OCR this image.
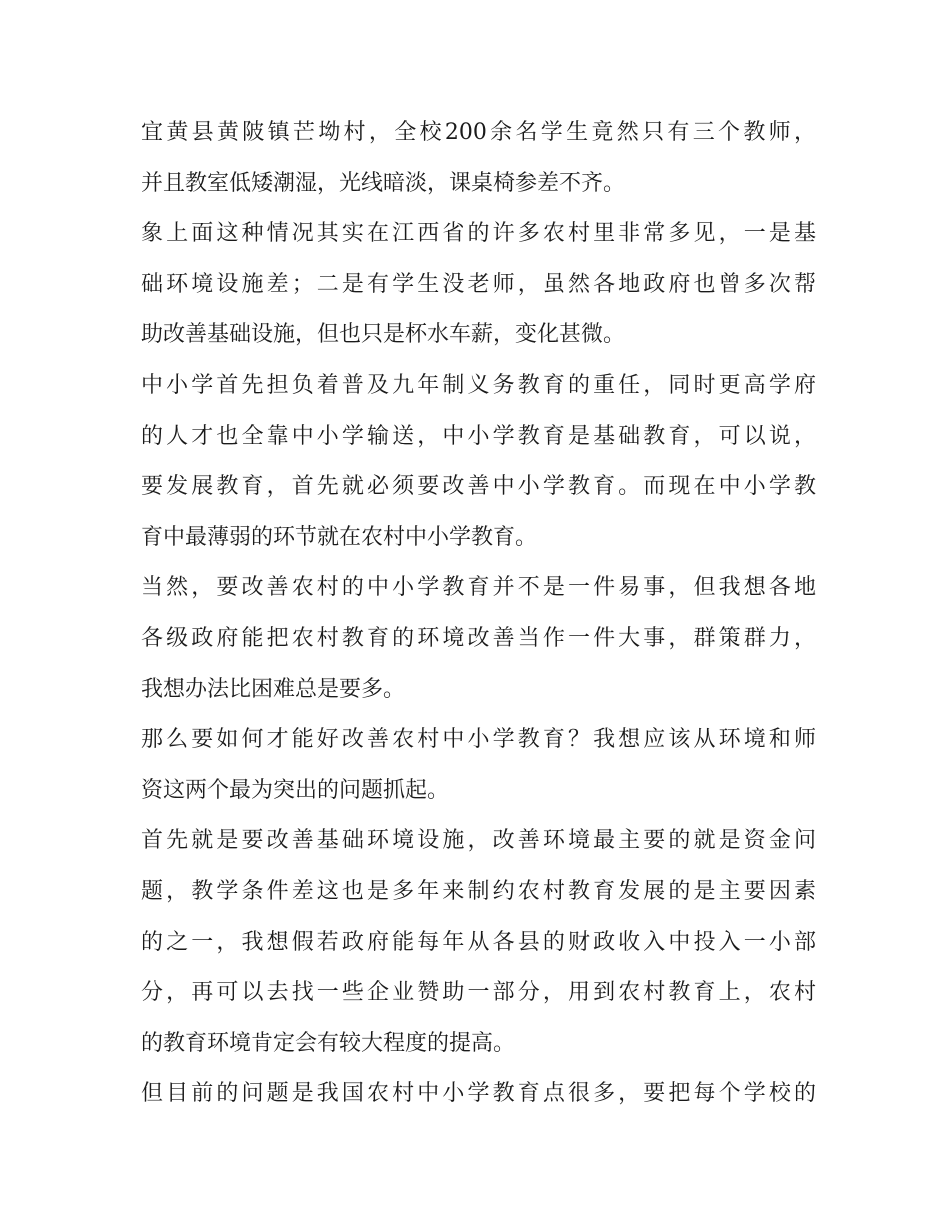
宜黄县黄陂镇芒坳村，全校200余名学生竟然只有三个教师，
并且教室低矮潮湿，光线暗淡，课桌椅参差不齐。
象上面这种情况其实在江西省的许多农村里非常多见，一是基
础环境设施差；二是有学生没老师，虽然各地政府也曾多次帮
助改善基础设施，但也只是杯水车薪，变化甚微。
中小学首先担负着普及九年制义务教育的重任，同时更高学府
的人才也全靠中小学输送，中小学教育是基础教育，可以说，
要发展教育，首先就必须要改善中小学教育。而现在中小学教
育中最薄弱的环节就在农村中小学教育。
当然，要改善农村的中小学教育并不是一件易事，但我想各地
各级政府能把农村教育的环境改善当作一件大事，群策群力，
我想办法比困难总是要多。
那么要如何才能好改善农村中小学教育？我想应该从环境和师
资这两个最为突出的问题抓起。
首先就是要改善基础环境设施，改善环境最主要的就是资金问
题，教学条件差这也是多年来制约农村教育发展的是主要因素
的之一，我想假若政府能每年从各县的财政收入中投入一小部
分，再可以去找一些企业赞助一部分，用到农村教育上，农村
的教育环境肯定会有较大程度的提高。
但目前的问题是我国农村中小学教育点很多，要把每个学校的
